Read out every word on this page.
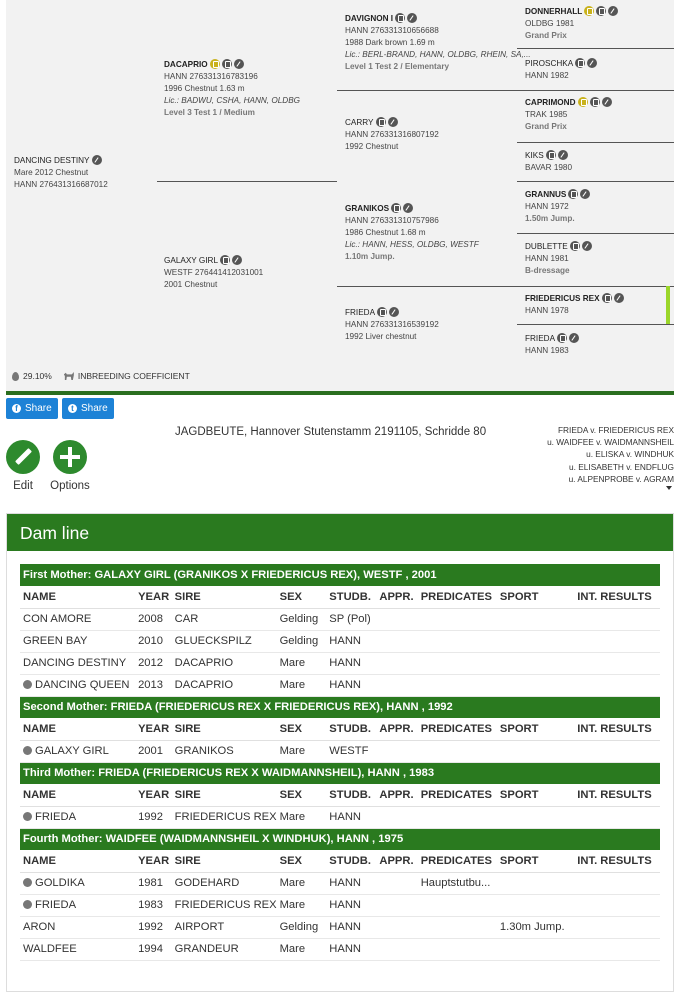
DANCING DESTINY
Mare 2012 Chestnut
HANN 276431316687012
DACAPRIO
HANN 276331316783196
1996 Chestnut 1.63 m
Lic.: BADWU, CSHA, HANN, OLDBG
Level 3 Test 1 / Medium
GALAXY GIRL
WESTF 276441412031001
2001 Chestnut
DAVIGNON I
HANN 276331310656688
1988 Dark brown 1.69 m
Lic.: BERL-BRAND, HANN, OLDBG, RHEIN, SA,...
Level 1 Test 2 / Elementary
CARRY
HANN 276331316807192
1992 Chestnut
GRANIKOS
HANN 276331310757986
1986 Chestnut 1.68 m
Lic.: HANN, HESS, OLDBG, WESTF
1.10m Jump.
FRIEDA
HANN 276331316539192
1992 Liver chestnut
DONNERHALL
OLDBG 1981
Grand Prix
PIROSCHKA
HANN 1982
CAPRIMOND
TRAK 1985
Grand Prix
KIKS
BAVAR 1980
GRANNUS
HANN 1972
1.50m Jump.
DUBLETTE
HANN 1981
B-dressage
FRIEDERICUS REX
HANN 1978
FRIEDA
HANN 1983
29.10%	INBREEDING COEFFICIENT
f Share	t Share
Edit	Options
JAGDBEUTE, Hannover Stutenstamm 2191105, Schridde 80	FRIEDA v. FRIEDERICUS REX
u. WAIDFEE v. WAIDMANNSHEIL
u. ELISKA v. WINDHUK
u. ELISABETH v. ENDFLUG
u. ALPENPROBE v. AGRAM
Dam line
First Mother: GALAXY GIRL (GRANIKOS X FRIEDERICUS REX), WESTF , 2001								
NAME	YEAR	SIRE	SEX	STUDB.	APPR.	PREDICATES	SPORT	INT. RESULTS
CON AMORE	2008	CAR	Gelding	SP (Pol)				
GREEN BAY	2010	GLUECKSPILZ	Gelding	HANN				
DANCING DESTINY	2012	DACAPRIO	Mare	HANN				
DANCING QUEEN	2013	DACAPRIO	Mare	HANN				
Second Mother: FRIEDA (FRIEDERICUS REX X FRIEDERICUS REX), HANN , 1992								
NAME	YEAR	SIRE	SEX	STUDB.	APPR.	PREDICATES	SPORT	INT. RESULTS
GALAXY GIRL	2001	GRANIKOS	Mare	WESTF				
Third Mother: FRIEDA (FRIEDERICUS REX X WAIDMANNSHEIL), HANN , 1983								
NAME	YEAR	SIRE	SEX	STUDB.	APPR.	PREDICATES	SPORT	INT. RESULTS
FRIEDA	1992	FRIEDERICUS REX	Mare	HANN				
Fourth Mother: WAIDFEE (WAIDMANNSHEIL X WINDHUK), HANN , 1975								
NAME	YEAR	SIRE	SEX	STUDB.	APPR.	PREDICATES	SPORT	INT. RESULTS
GOLDIKA	1981	GODEHARD	Mare	HANN		Hauptstutbu...		
FRIEDA	1983	FRIEDERICUS REX	Mare	HANN				
ARON	1992	AIRPORT	Gelding	HANN			1.30m Jump.	
WALDFEE	1994	GRANDEUR	Mare	HANN				
